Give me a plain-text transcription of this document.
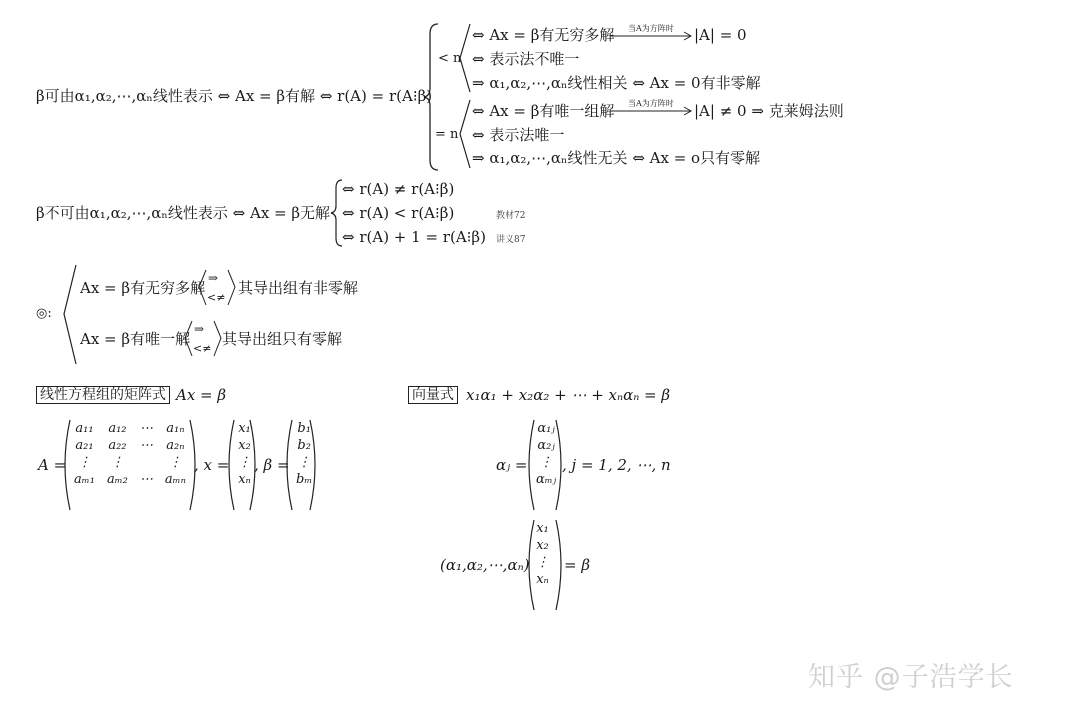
β可由α₁,α₂,⋯,αₙ线性表示 ⇔ Ax = β有解 ⇔ r(A) = r(A⁝β)
< n
= n
⇔ Ax = β有无穷多解 当A为方阵时 |A| = 0
⇔ 表示法不唯一
⇒ α₁,α₂,⋯,αₙ线性相关 ⇔ Ax = 0有非零解
⇔ Ax = β有唯一组解 当A为方阵时 |A| ≠ 0 ⇒ 克莱姆法则
⇔ 表示法唯一
⇒ α₁,α₂,⋯,αₙ线性无关 ⇔ Ax = o只有零解
β不可由α₁,α₂,⋯,αₙ线性表示 ⇔ Ax = β无解
⇔ r(A) ≠ r(A⁝β)
⇔ r(A) < r(A⁝β)
⇔ r(A) + 1 = r(A⁝β)
教材72
讲义87
◎:
Ax = β有无穷多解
⇒
<≠
其导出组有非零解
Ax = β有唯一解
⇒
<≠
其导出组只有零解
线性方程组的矩阵式 Ax = β
A =
a₁₁	a₁₂	⋯	a₁ₙ
a₂₁	a₂₂	⋯	a₂ₙ
⋮	⋮		⋮
aₘ₁	aₘ₂	⋯	aₘₙ
, x =
x₁
x₂
⋮
xₙ
, β =
b₁
b₂
⋮
bₘ
向量式 x₁α₁ + x₂α₂ + ⋯ + xₙαₙ = β
αⱼ =
α₁ⱼ
α₂ⱼ
⋮
αₘⱼ
, j = 1, 2, ⋯, n
(α₁,α₂,⋯,αₙ)
x₁
x₂
⋮
xₙ
= β
知乎 @子浩学长
